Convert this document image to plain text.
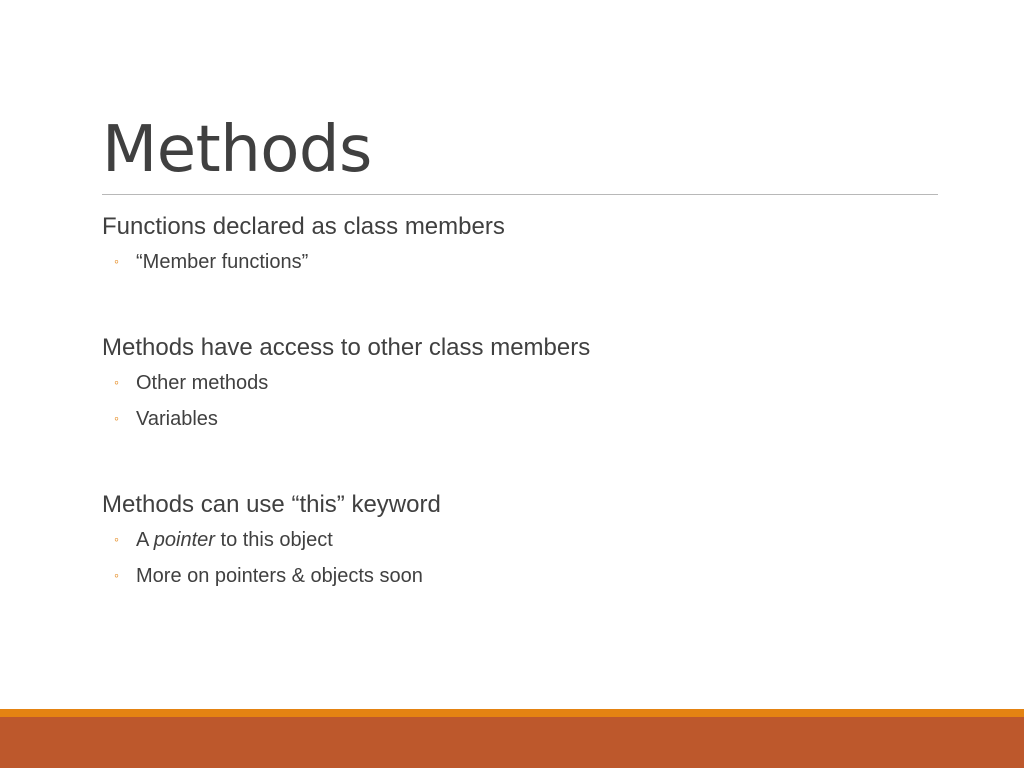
Methods

Functions declared as class members

◦ “Member functions”

Methods have access to other class members

◦ Other methods
◦ Variables

Methods can use “this” keyword

◦ A pointer to this object
◦ More on pointers & objects soon
